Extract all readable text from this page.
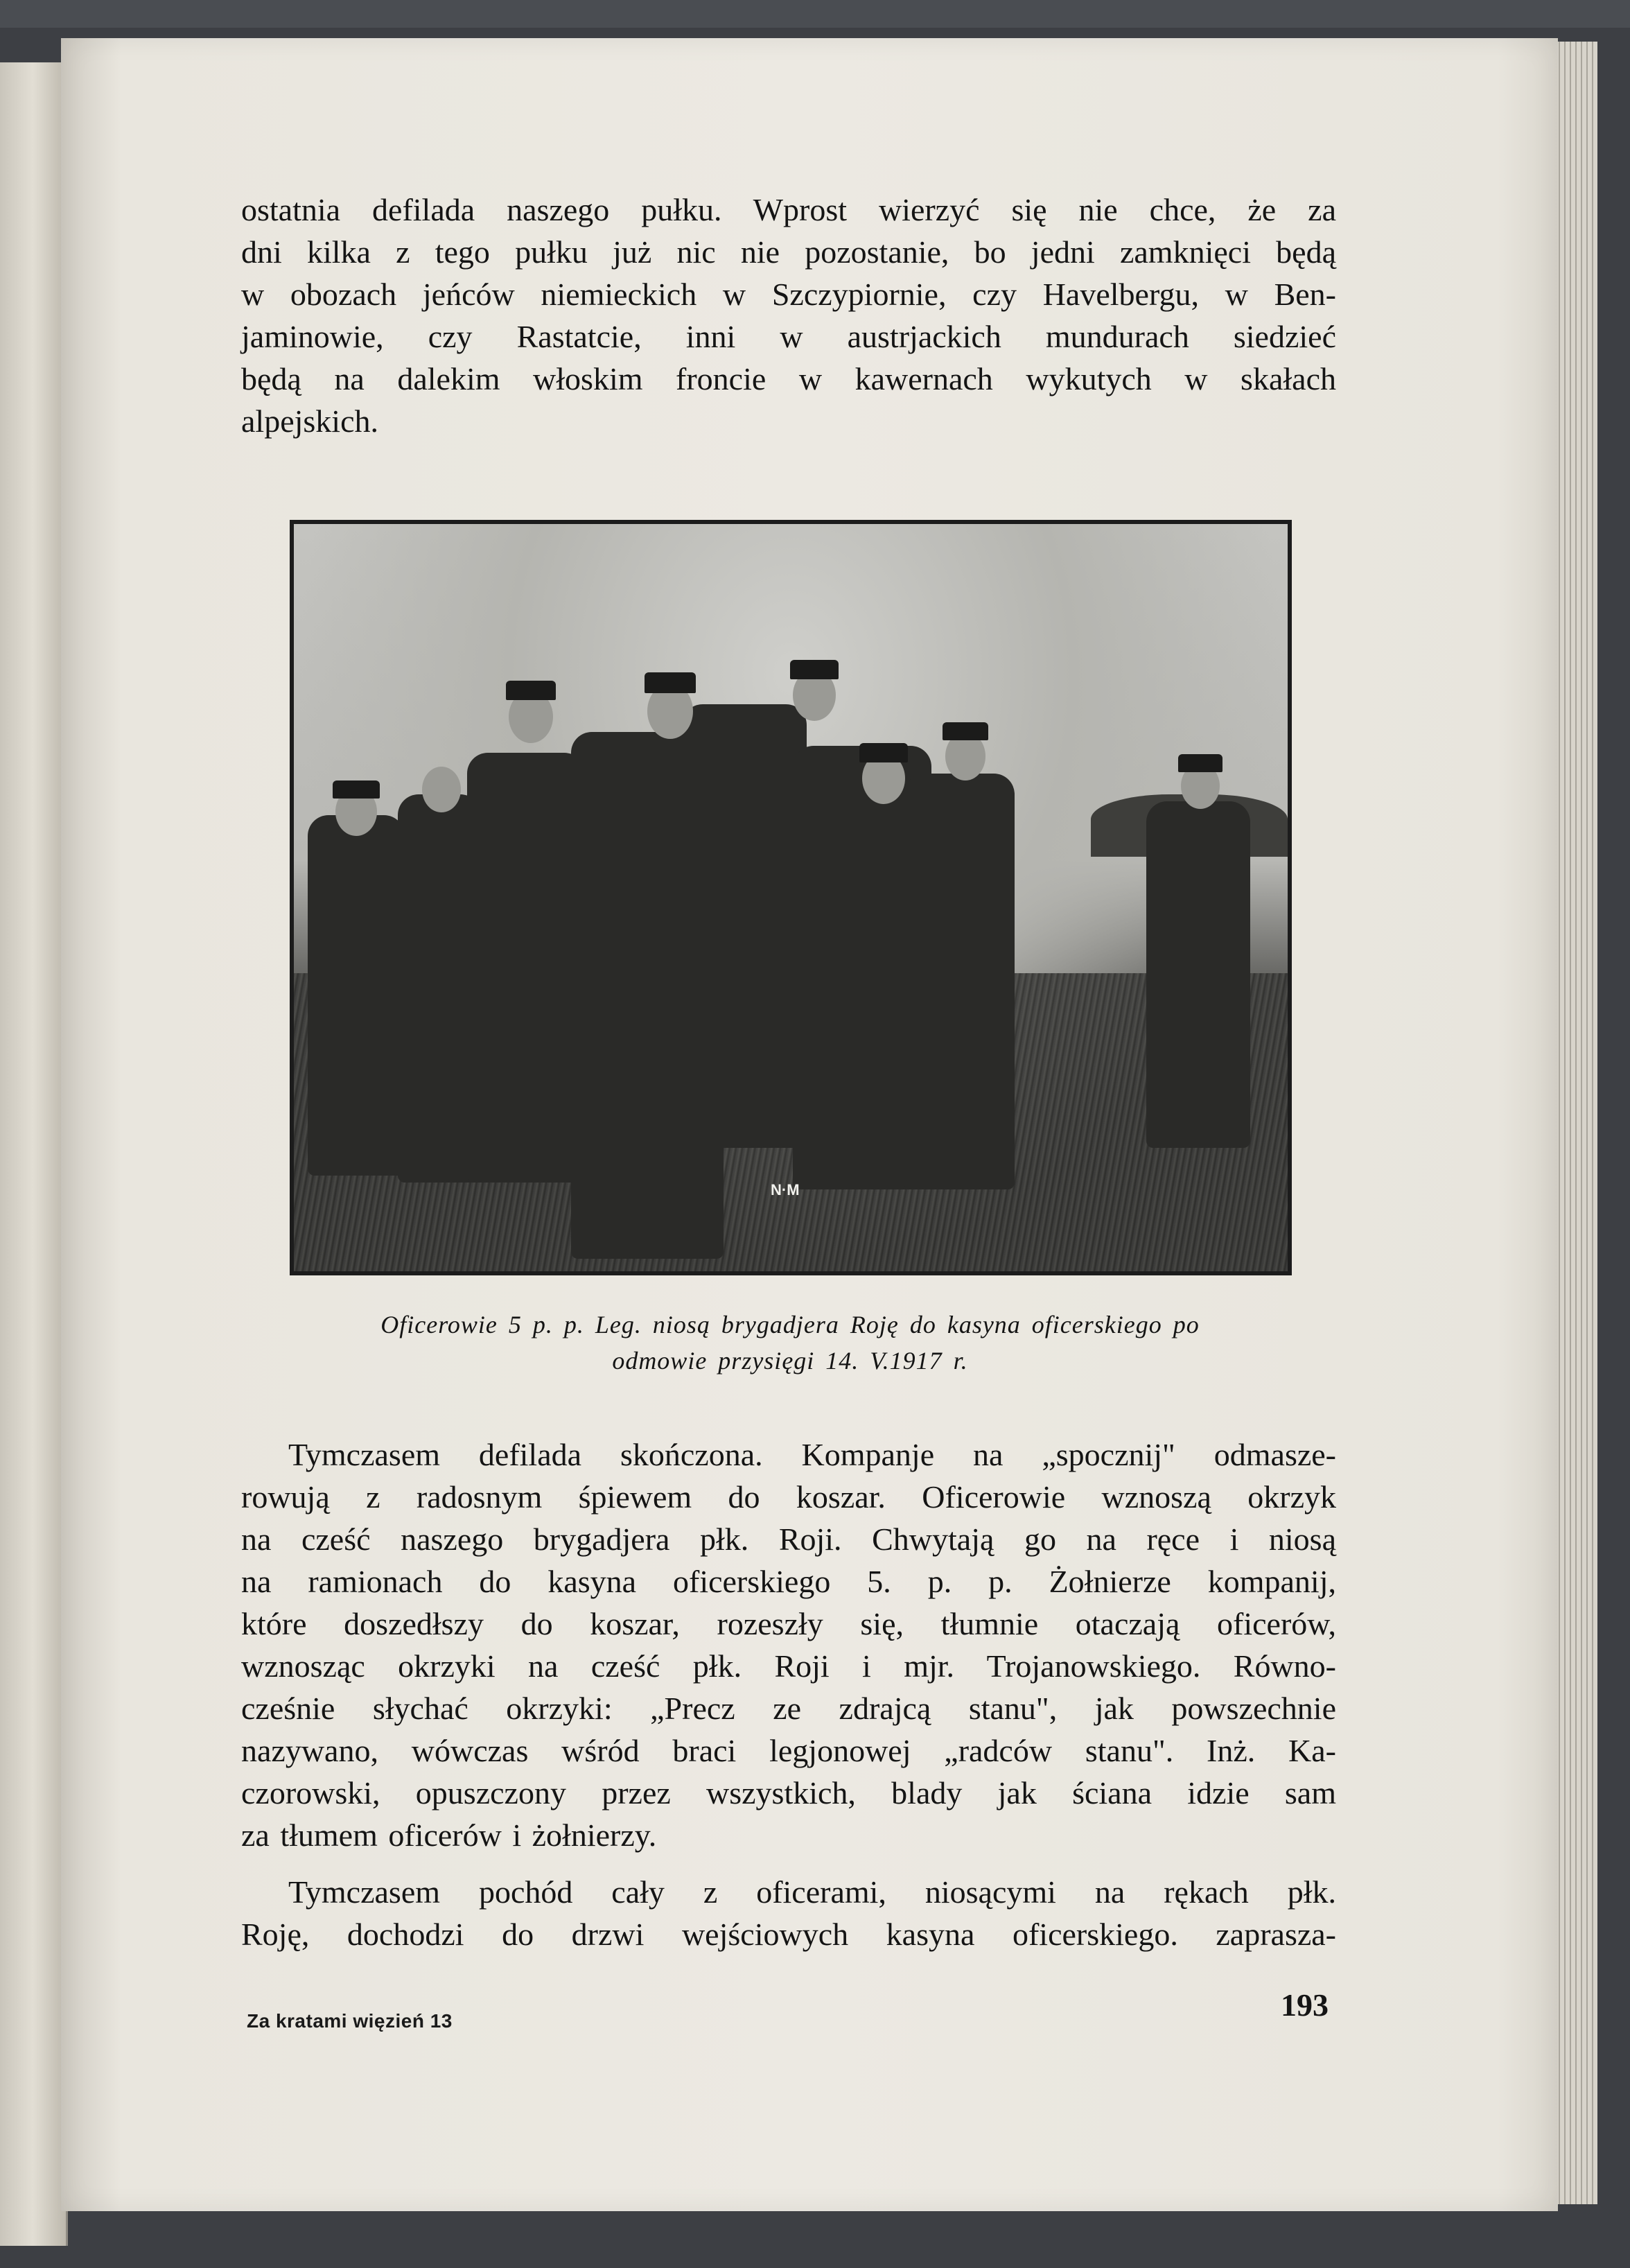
ostatnia defilada naszego pułku. Wprost wierzyć się nie chce, że za
dni kilka z tego pułku już nic nie pozostanie, bo jedni zamknięci będą
w obozach jeńców niemieckich w Szczypiornie, czy Havelbergu, w Ben-
jaminowie, czy Rastatcie, inni w austrjackich mundurach siedzieć
będą na dalekim włoskim froncie w kawernach wykutych w skałach
alpejskich.

N·M

Oficerowie 5 p. p. Leg. niosą brygadjera Roję do kasyna oficerskiego po
odmowie przysięgi 14. V.1917 r.

Tymczasem defilada skończona. Kompanje na „spocznij" odmasze-
rowują z radosnym śpiewem do koszar. Oficerowie wznoszą okrzyk
na cześć naszego brygadjera płk. Roji. Chwytają go na ręce i niosą
na ramionach do kasyna oficerskiego 5. p. p. Żołnierze kompanij,
które doszedłszy do koszar, rozeszły się, tłumnie otaczają oficerów,
wznosząc okrzyki na cześć płk. Roji i mjr. Trojanowskiego. Równo-
cześnie słychać okrzyki: „Precz ze zdrajcą stanu", jak powszechnie
nazywano, wówczas wśród braci legjonowej „radców stanu". Inż. Ka-
czorowski, opuszczony przez wszystkich, blady jak ściana idzie sam
za tłumem oficerów i żołnierzy.

Tymczasem pochód cały z oficerami, niosącymi na rękach płk.
Roję, dochodzi do drzwi wejściowych kasyna oficerskiego. zaprasza-

Za kratami więzień 13	193
